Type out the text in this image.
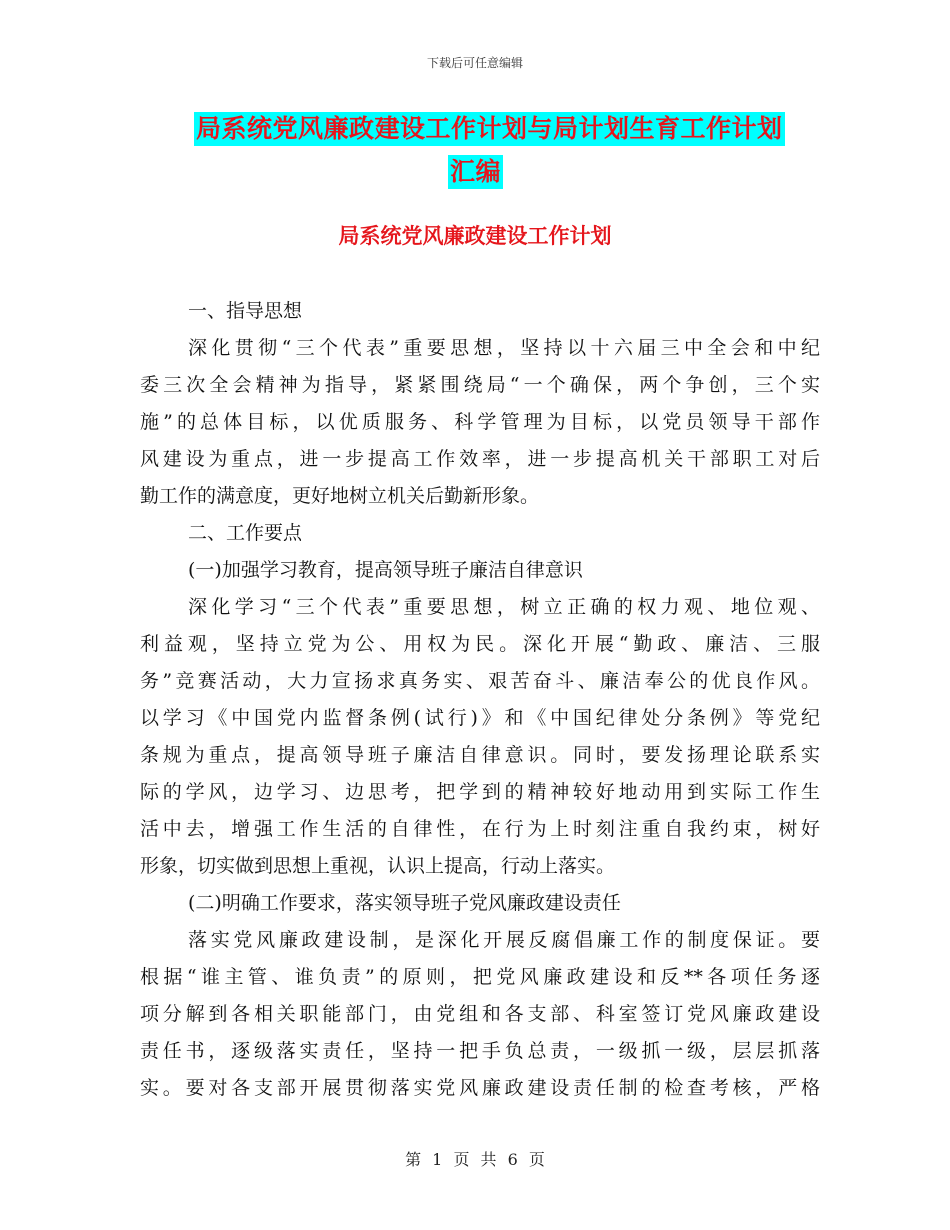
下载后可任意编辑
局系统党风廉政建设工作计划与局计划生育工作计划
汇编
局系统党风廉政建设工作计划
一、指导思想
深化贯彻“三个代表”重要思想，坚持以十六届三中全会和中纪
委三次全会精神为指导，紧紧围绕局“一个确保，两个争创，三个实
施”的总体目标，以优质服务、科学管理为目标，以党员领导干部作
风建设为重点，进一步提高工作效率，进一步提高机关干部职工对后
勤工作的满意度，更好地树立机关后勤新形象。
二、工作要点
(一)加强学习教育，提高领导班子廉洁自律意识
深化学习“三个代表”重要思想，树立正确的权力观、地位观、
利益观，坚持立党为公、用权为民。深化开展“勤政、廉洁、三服
务”竞赛活动，大力宣扬求真务实、艰苦奋斗、廉洁奉公的优良作风。
以学习《中国党内监督条例(试行)》和《中国纪律处分条例》等党纪
条规为重点，提高领导班子廉洁自律意识。同时，要发扬理论联系实
际的学风，边学习、边思考，把学到的精神较好地动用到实际工作生
活中去，增强工作生活的自律性，在行为上时刻注重自我约束，树好
形象，切实做到思想上重视，认识上提高，行动上落实。
(二)明确工作要求，落实领导班子党风廉政建设责任
落实党风廉政建设制，是深化开展反腐倡廉工作的制度保证。要
根据“谁主管、谁负责”的原则，把党风廉政建设和反**各项任务逐
项分解到各相关职能部门，由党组和各支部、科室签订党风廉政建设
责任书，逐级落实责任，坚持一把手负总责，一级抓一级，层层抓落
实。要对各支部开展贯彻落实党风廉政建设责任制的检查考核，严格
第 1 页 共 6 页
